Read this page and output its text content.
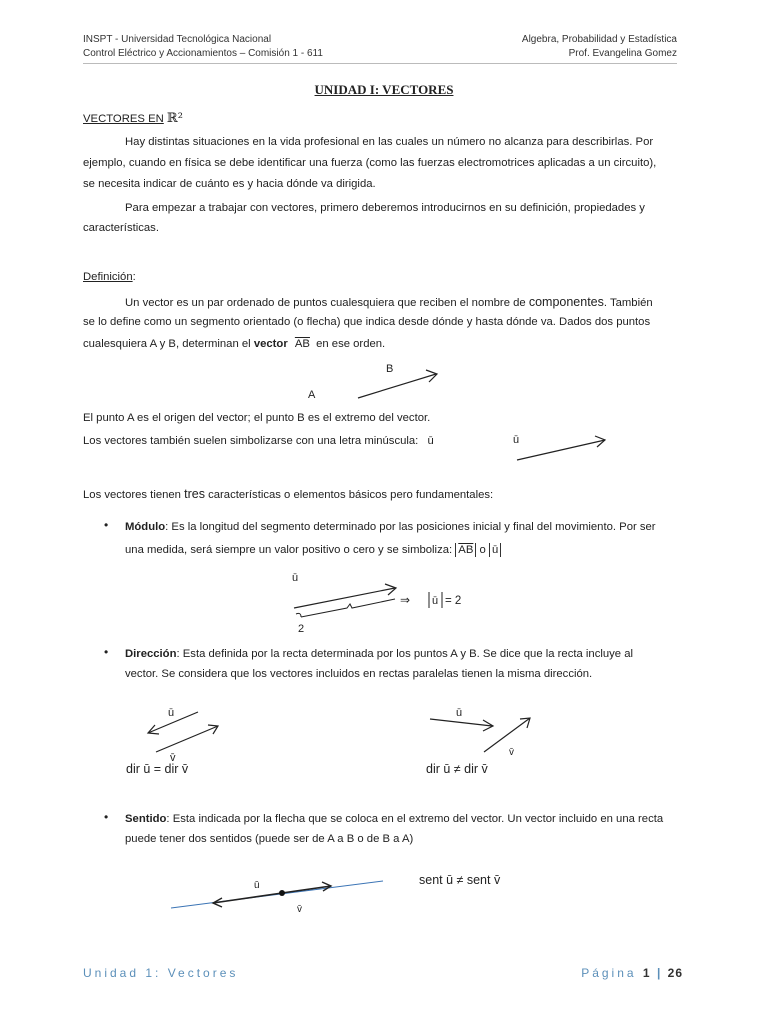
INSPT - Universidad Tecnológica Nacional
Control Eléctrico y Accionamientos – Comisión 1 - 611
Algebra, Probabilidad y Estadística
Prof. Evangelina Gomez
UNIDAD I: VECTORES
VECTORES EN ℝ²
Hay distintas situaciones en la vida profesional en las cuales un número no alcanza para describirlas. Por
ejemplo, cuando en física se debe identificar una fuerza (como las fuerzas electromotrices aplicadas a un circuito),
se necesita indicar de cuánto es y hacia dónde va dirigida.
Para empezar a trabajar con vectores, primero deberemos introducirnos en su definición, propiedades y
características.
Definición:
Un vector es un par ordenado de puntos cualesquiera que reciben el nombre de componentes. También
se lo define como un segmento orientado (o flecha) que indica desde dónde y hasta dónde va. Dados dos puntos
cualesquiera A y B, determinan el vector $\overline{AB}$ en ese orden.
A
B
El punto A es el origen del vector; el punto B es el extremo del vector.
Los vectores también suelen simbolizarse con una letra minúscula: ū	ū
Los vectores tienen tres características o elementos básicos pero fundamentales:
• Módulo: Es la longitud del segmento determinado por las posiciones inicial y final del movimiento. Por ser
una medida, será siempre un valor positivo o cero y se simboliza: $\overline{AB}$ o ū
ū
2
⇒ ū = 2
• Dirección: Esta definida por la recta determinada por los puntos A y B. Se dice que la recta incluye al
vector. Se considera que los vectores incluidos en rectas paralelas tienen la misma dirección.
ū
v̄
dir ū = dir v̄
ū
v̄
dir ū ≠ dir v̄
• Sentido: Esta indicada por la flecha que se coloca en el extremo del vector. Un vector incluido en una recta
puede tener dos sentidos (puede ser de A a B o de B a A)
ū
v̄
sent ū ≠ sent v̄
Unidad 1: Vectores	Página 1 | 26
